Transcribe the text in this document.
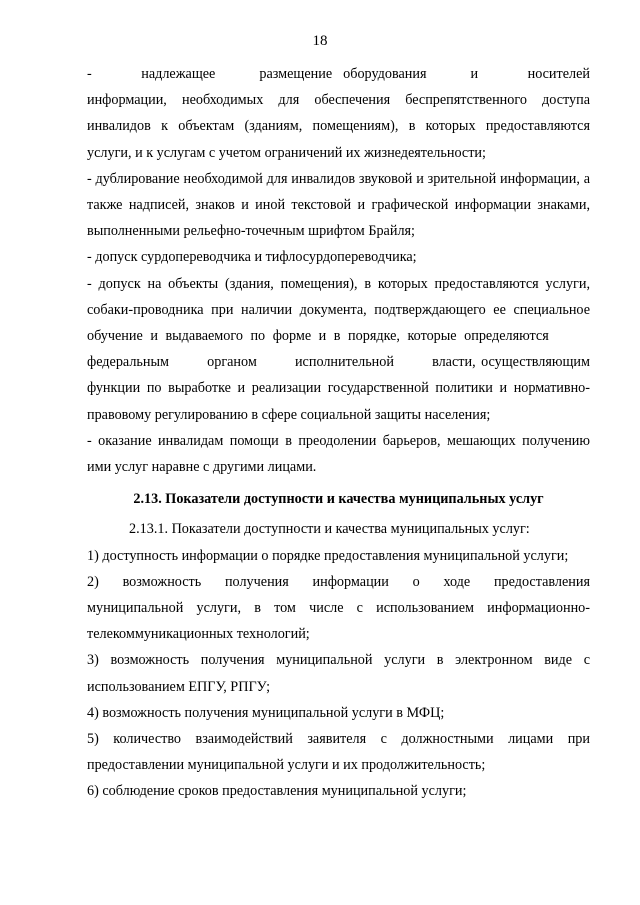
18

-         надлежащее        размещение  оборудования        и         носителей информации, необходимых для обеспечения беспрепятственного доступа инвалидов к объектам (зданиям, помещениям), в которых предоставляются услуги, и к услугам с учетом ограничений их жизнедеятельности;

- дублирование необходимой для инвалидов звуковой и зрительной информации, а также надписей, знаков и иной текстовой и графической информации знаками, выполненными рельефно-точечным шрифтом Брайля;

- допуск сурдопереводчика и тифлосурдопереводчика;

- допуск на объекты (здания, помещения), в которых предоставляются услуги, собаки-проводника при наличии документа, подтверждающего ее специальное обучение и выдаваемого по форме и в порядке, которые определяются       федеральным       органом       исполнительной       власти, осуществляющим функции по выработке и реализации государственной политики и нормативно-правовому регулированию в сфере социальной защиты населения;

- оказание инвалидам помощи в преодолении барьеров, мешающих получению ими услуг наравне с другими лицами.

2.13. Показатели доступности и качества муниципальных услуг

2.13.1. Показатели доступности и качества муниципальных услуг:

1) доступность информации о порядке предоставления муниципальной услуги;

2)    возможность    получения    информации    о    ходе    предоставления муниципальной услуги, в том числе с использованием информационно-телекоммуникационных технологий;

3) возможность получения муниципальной услуги в электронном виде с использованием ЕПГУ, РПГУ;

4) возможность получения муниципальной услуги в МФЦ;

5) количество взаимодействий заявителя с должностными лицами при предоставлении муниципальной услуги и их продолжительность;

6) соблюдение сроков предоставления муниципальной услуги;
